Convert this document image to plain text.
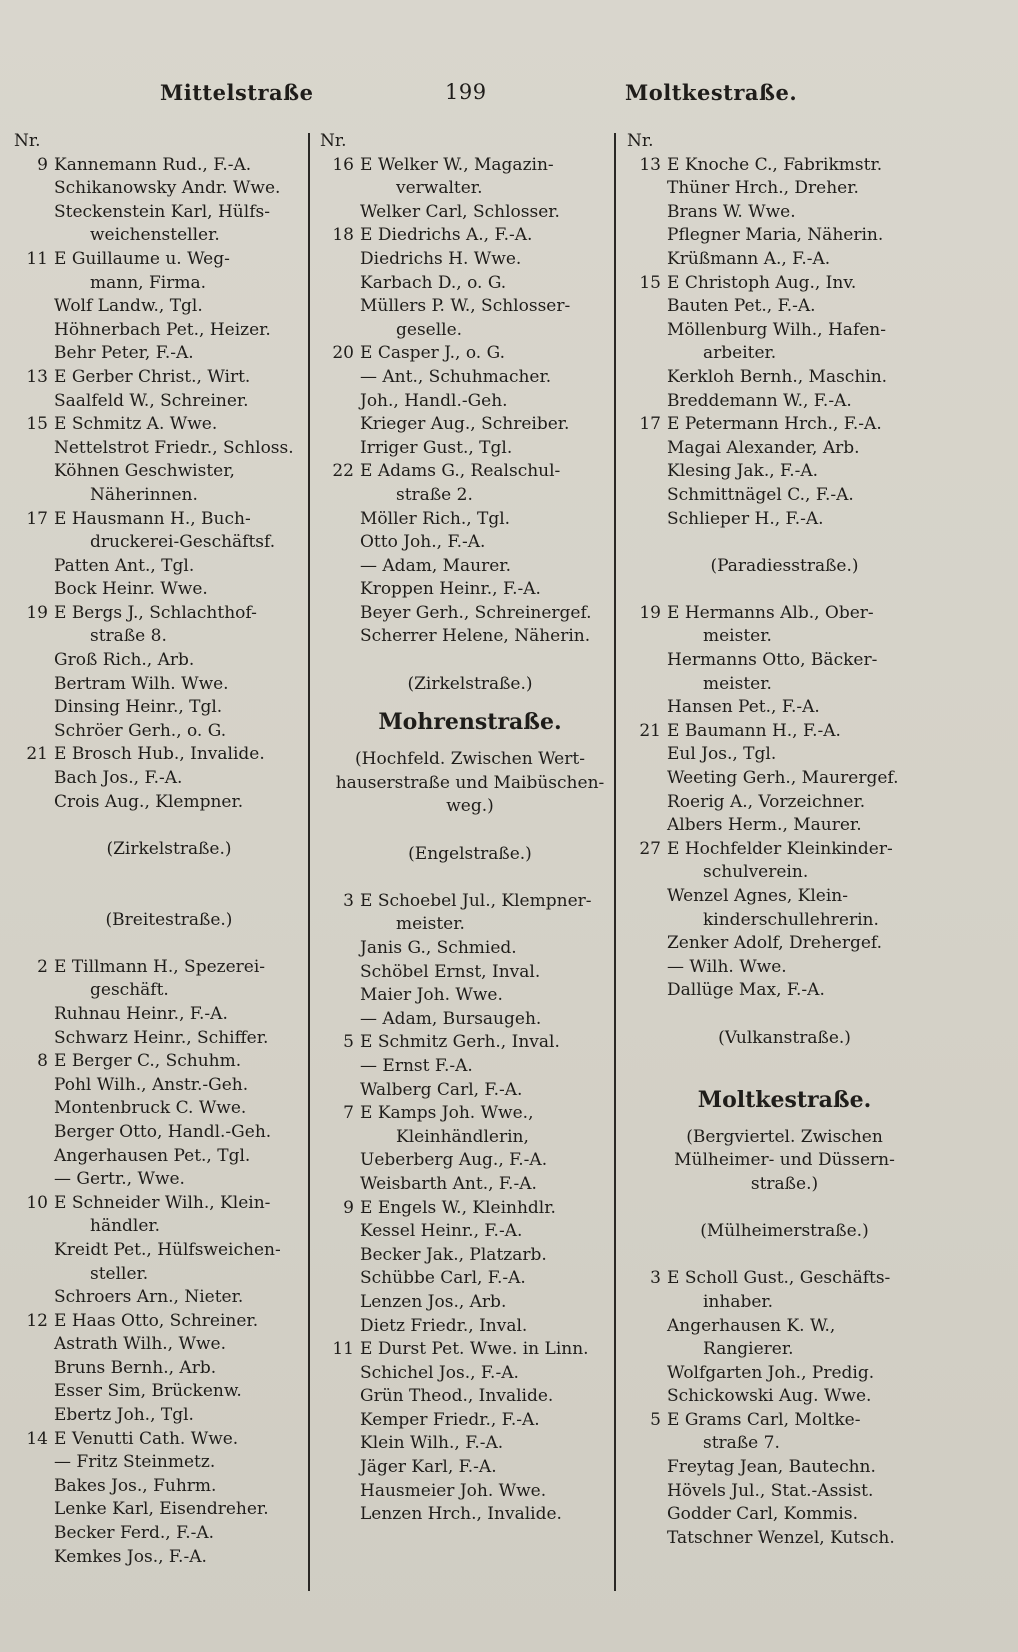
Mittelstraße	199	Moltkestraße.
Nr.
9 Kannemann Rud., F.-A.
Schikanowsky Andr. Wwe.
Steckenstein Karl, Hülfs-
weichensteller.
11 E Guillaume u. Weg-
mann, Firma.
Wolf Landw., Tgl.
Höhnerbach Pet., Heizer.
Behr Peter, F.-A.
13 E Gerber Christ., Wirt.
Saalfeld W., Schreiner.
15 E Schmitz A. Wwe.
Nettelstrot Friedr., Schloss.
Köhnen Geschwister,
Näherinnen.
17 E Hausmann H., Buch-
druckerei-Geschäftsf.
Patten Ant., Tgl.
Bock Heinr. Wwe.
19 E Bergs J., Schlachthof-
straße 8.
Groß Rich., Arb.
Bertram Wilh. Wwe.
Dinsing Heinr., Tgl.
Schröer Gerh., o. G.
21 E Brosch Hub., Invalide.
Bach Jos., F.-A.
Crois Aug., Klempner.
(Zirkelstraße.)
(Breitestraße.)
2 E Tillmann H., Spezerei-
geschäft.
Ruhnau Heinr., F.-A.
Schwarz Heinr., Schiffer.
8 E Berger C., Schuhm.
Pohl Wilh., Anstr.-Geh.
Montenbruck C. Wwe.
Berger Otto, Handl.-Geh.
Angerhausen Pet., Tgl.
— Gertr., Wwe.
10 E Schneider Wilh., Klein-
händler.
Kreidt Pet., Hülfsweichen-
steller.
Schroers Arn., Nieter.
12 E Haas Otto, Schreiner.
Astrath Wilh., Wwe.
Bruns Bernh., Arb.
Esser Sim, Brückenw.
Ebertz Joh., Tgl.
14 E Venutti Cath. Wwe.
— Fritz Steinmetz.
Bakes Jos., Fuhrm.
Lenke Karl, Eisendreher.
Becker Ferd., F.-A.
Kemkes Jos., F.-A.
Nr.
16 E Welker W., Magazin-
verwalter.
Welker Carl, Schlosser.
18 E Diedrichs A., F.-A.
Diedrichs H. Wwe.
Karbach D., o. G.
Müllers P. W., Schlosser-
geselle.
20 E Casper J., o. G.
— Ant., Schuhmacher.
Joh., Handl.-Geh.
Krieger Aug., Schreiber.
Irriger Gust., Tgl.
22 E Adams G., Realschul-
straße 2.
Möller Rich., Tgl.
Otto Joh., F.-A.
— Adam, Maurer.
Kroppen Heinr., F.-A.
Beyer Gerh., Schreinergef.
Scherrer Helene, Näherin.
(Zirkelstraße.)
Mohrenstraße.
(Hochfeld. Zwischen Wert-
hauserstraße und Maibüschen-
weg.)
(Engelstraße.)
3 E Schoebel Jul., Klempner-
meister.
Janis G., Schmied.
Schöbel Ernst, Inval.
Maier Joh. Wwe.
— Adam, Bursaugeh.
5 E Schmitz Gerh., Inval.
— Ernst F.-A.
Walberg Carl, F.-A.
7 E Kamps Joh. Wwe.,
Kleinhändlerin,
Ueberberg Aug., F.-A.
Weisbarth Ant., F.-A.
9 E Engels W., Kleinhdlr.
Kessel Heinr., F.-A.
Becker Jak., Platzarb.
Schübbe Carl, F.-A.
Lenzen Jos., Arb.
Dietz Friedr., Inval.
11 E Durst Pet. Wwe. in Linn.
Schichel Jos., F.-A.
Grün Theod., Invalide.
Kemper Friedr., F.-A.
Klein Wilh., F.-A.
Jäger Karl, F.-A.
Hausmeier Joh. Wwe.
Lenzen Hrch., Invalide.
Nr.
13 E Knoche C., Fabrikmstr.
Thüner Hrch., Dreher.
Brans W. Wwe.
Pflegner Maria, Näherin.
Krüßmann A., F.-A.
15 E Christoph Aug., Inv.
Bauten Pet., F.-A.
Möllenburg Wilh., Hafen-
arbeiter.
Kerkloh Bernh., Maschin.
Breddemann W., F.-A.
17 E Petermann Hrch., F.-A.
Magai Alexander, Arb.
Klesing Jak., F.-A.
Schmittnägel C., F.-A.
Schlieper H., F.-A.
(Paradiesstraße.)
19 E Hermanns Alb., Ober-
meister.
Hermanns Otto, Bäcker-
meister.
Hansen Pet., F.-A.
21 E Baumann H., F.-A.
Eul Jos., Tgl.
Weeting Gerh., Maurergef.
Roerig A., Vorzeichner.
Albers Herm., Maurer.
27 E Hochfelder Kleinkinder-
schulverein.
Wenzel Agnes, Klein-
kinderschullehrerin.
Zenker Adolf, Drehergef.
— Wilh. Wwe.
Dallüge Max, F.-A.
(Vulkanstraße.)
Moltkestraße.
(Bergviertel. Zwischen
Mülheimer- und Düssern-
straße.)
(Mülheimerstraße.)
3 E Scholl Gust., Geschäfts-
inhaber.
Angerhausen K. W.,
Rangierer.
Wolfgarten Joh., Predig.
Schickowski Aug. Wwe.
5 E Grams Carl, Moltke-
straße 7.
Freytag Jean, Bautechn.
Hövels Jul., Stat.-Assist.
Godder Carl, Kommis.
Tatschner Wenzel, Kutsch.
